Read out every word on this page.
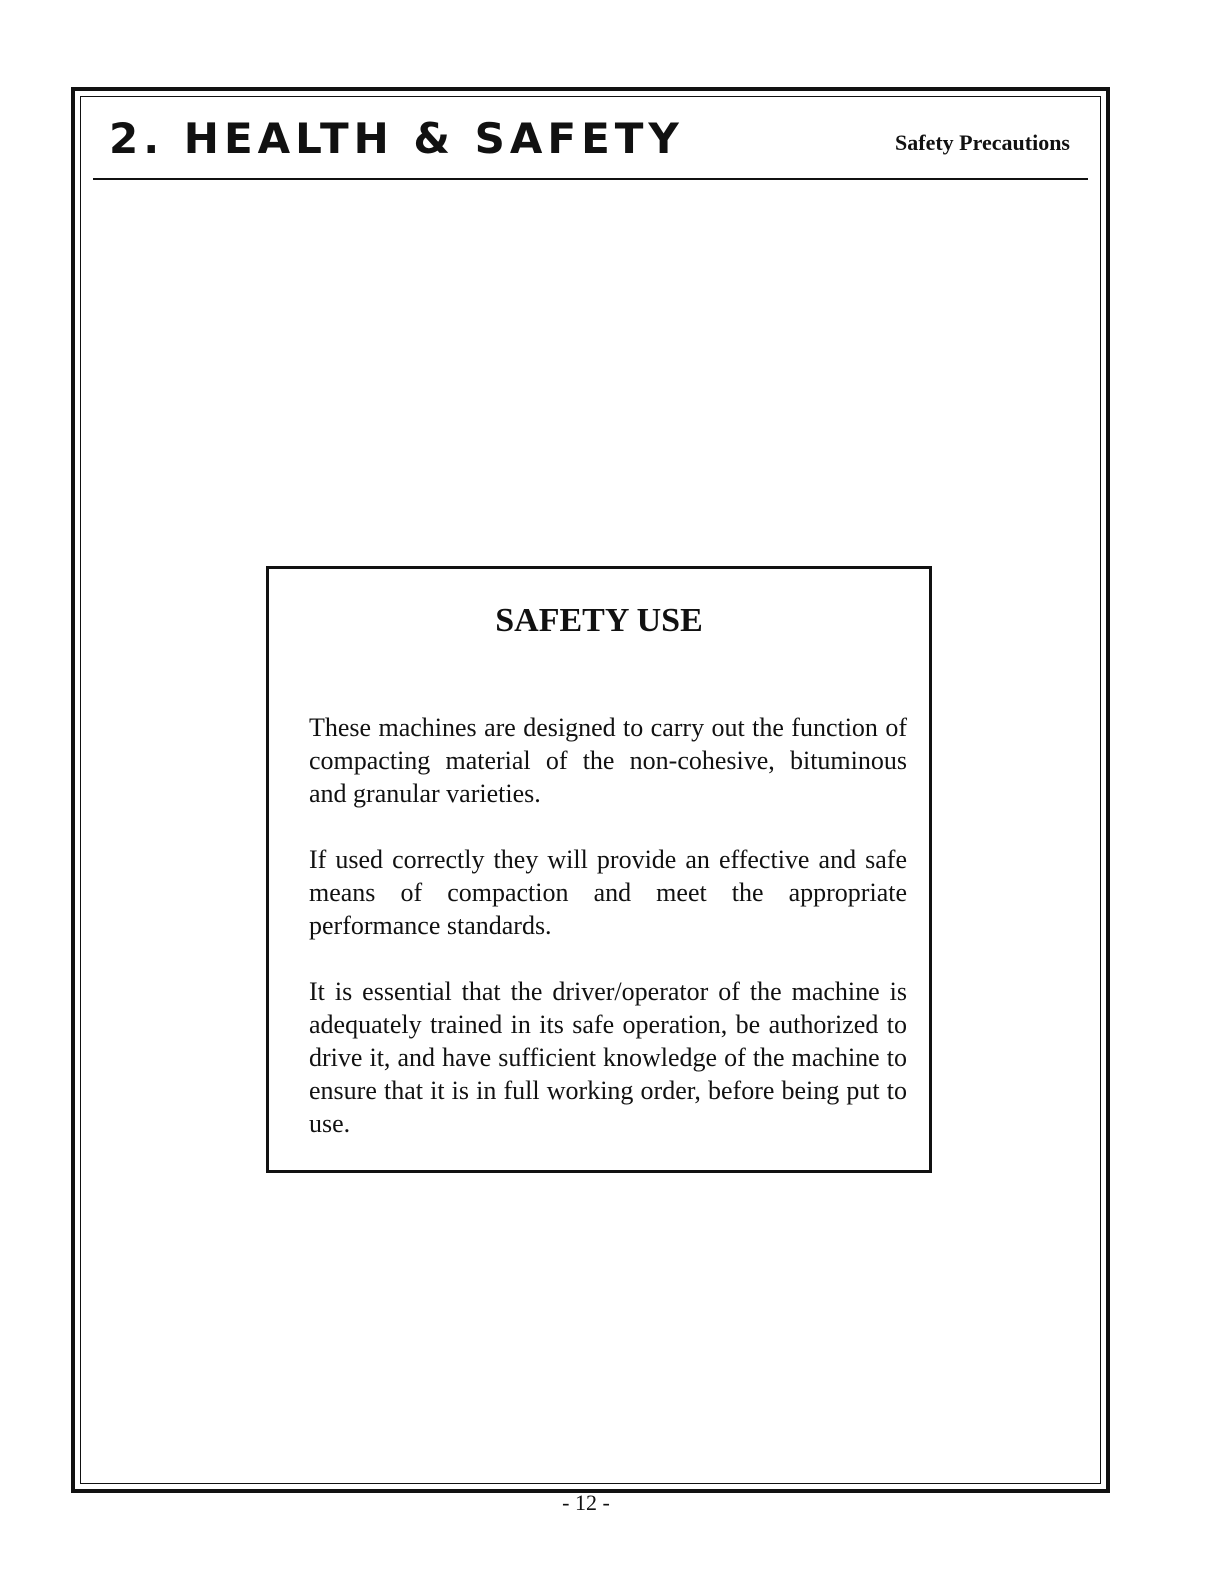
2. HEALTH & SAFETY	Safety Precautions
SAFETY USE

These machines are designed to carry out the function of compacting material of the non-cohesive, bituminous and granular varieties.

If used correctly they will provide an effective and safe means of compaction and meet the appropriate performance standards.

It is essential that the driver/operator of the machine is adequately trained in its safe operation, be authorized to drive it, and have sufficient knowledge of the machine to ensure that it is in full working order, before being put to use.

- 12 -
